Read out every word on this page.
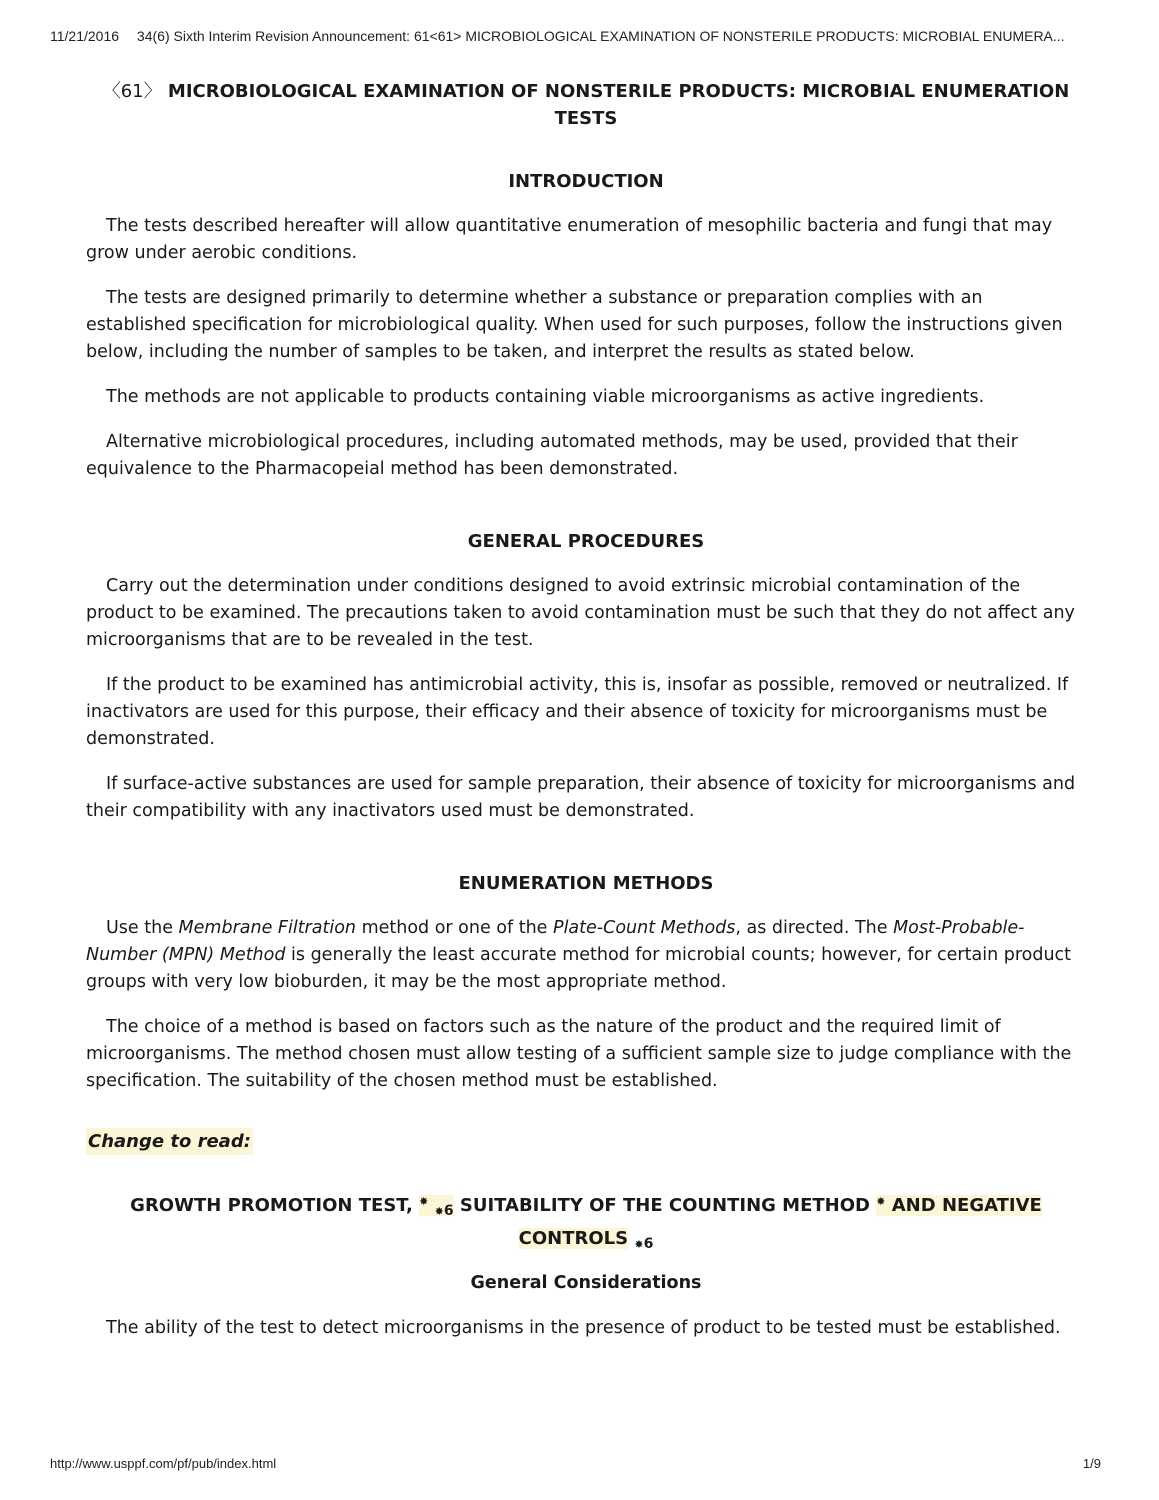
11/21/2016 34(6) Sixth Interim Revision Announcement: 61<61> MICROBIOLOGICAL EXAMINATION OF NONSTERILE PRODUCTS: MICROBIAL ENUMERA...
〈61〉 MICROBIOLOGICAL EXAMINATION OF NONSTERILE PRODUCTS: MICROBIAL ENUMERATION TESTS
INTRODUCTION

The tests described hereafter will allow quantitative enumeration of mesophilic bacteria and fungi that may grow under aerobic conditions.

The tests are designed primarily to determine whether a substance or preparation complies with an established specification for microbiological quality. When used for such purposes, follow the instructions given below, including the number of samples to be taken, and interpret the results as stated below.

The methods are not applicable to products containing viable microorganisms as active ingredients.

Alternative microbiological procedures, including automated methods, may be used, provided that their equivalence to the Pharmacopeial method has been demonstrated.

GENERAL PROCEDURES

Carry out the determination under conditions designed to avoid extrinsic microbial contamination of the product to be examined. The precautions taken to avoid contamination must be such that they do not affect any microorganisms that are to be revealed in the test.

If the product to be examined has antimicrobial activity, this is, insofar as possible, removed or neutralized. If inactivators are used for this purpose, their efficacy and their absence of toxicity for microorganisms must be demonstrated.

If surface-active substances are used for sample preparation, their absence of toxicity for microorganisms and their compatibility with any inactivators used must be demonstrated.

ENUMERATION METHODS

Use the Membrane Filtration method or one of the Plate-Count Methods, as directed. The Most-Probable-Number (MPN) Method is generally the least accurate method for microbial counts; however, for certain product groups with very low bioburden, it may be the most appropriate method.

The choice of a method is based on factors such as the nature of the product and the required limit of microorganisms. The method chosen must allow testing of a sufficient sample size to judge compliance with the specification. The suitability of the chosen method must be established.

Change to read:
GROWTH PROMOTION TEST, ✸ $_{✸6}$ SUITABILITY OF THE COUNTING METHOD ✸ AND NEGATIVE CONTROLS $_{✸6}$
General Considerations

The ability of the test to detect microorganisms in the presence of product to be tested must be established.

http://www.usppf.com/pf/pub/index.html	1/9
